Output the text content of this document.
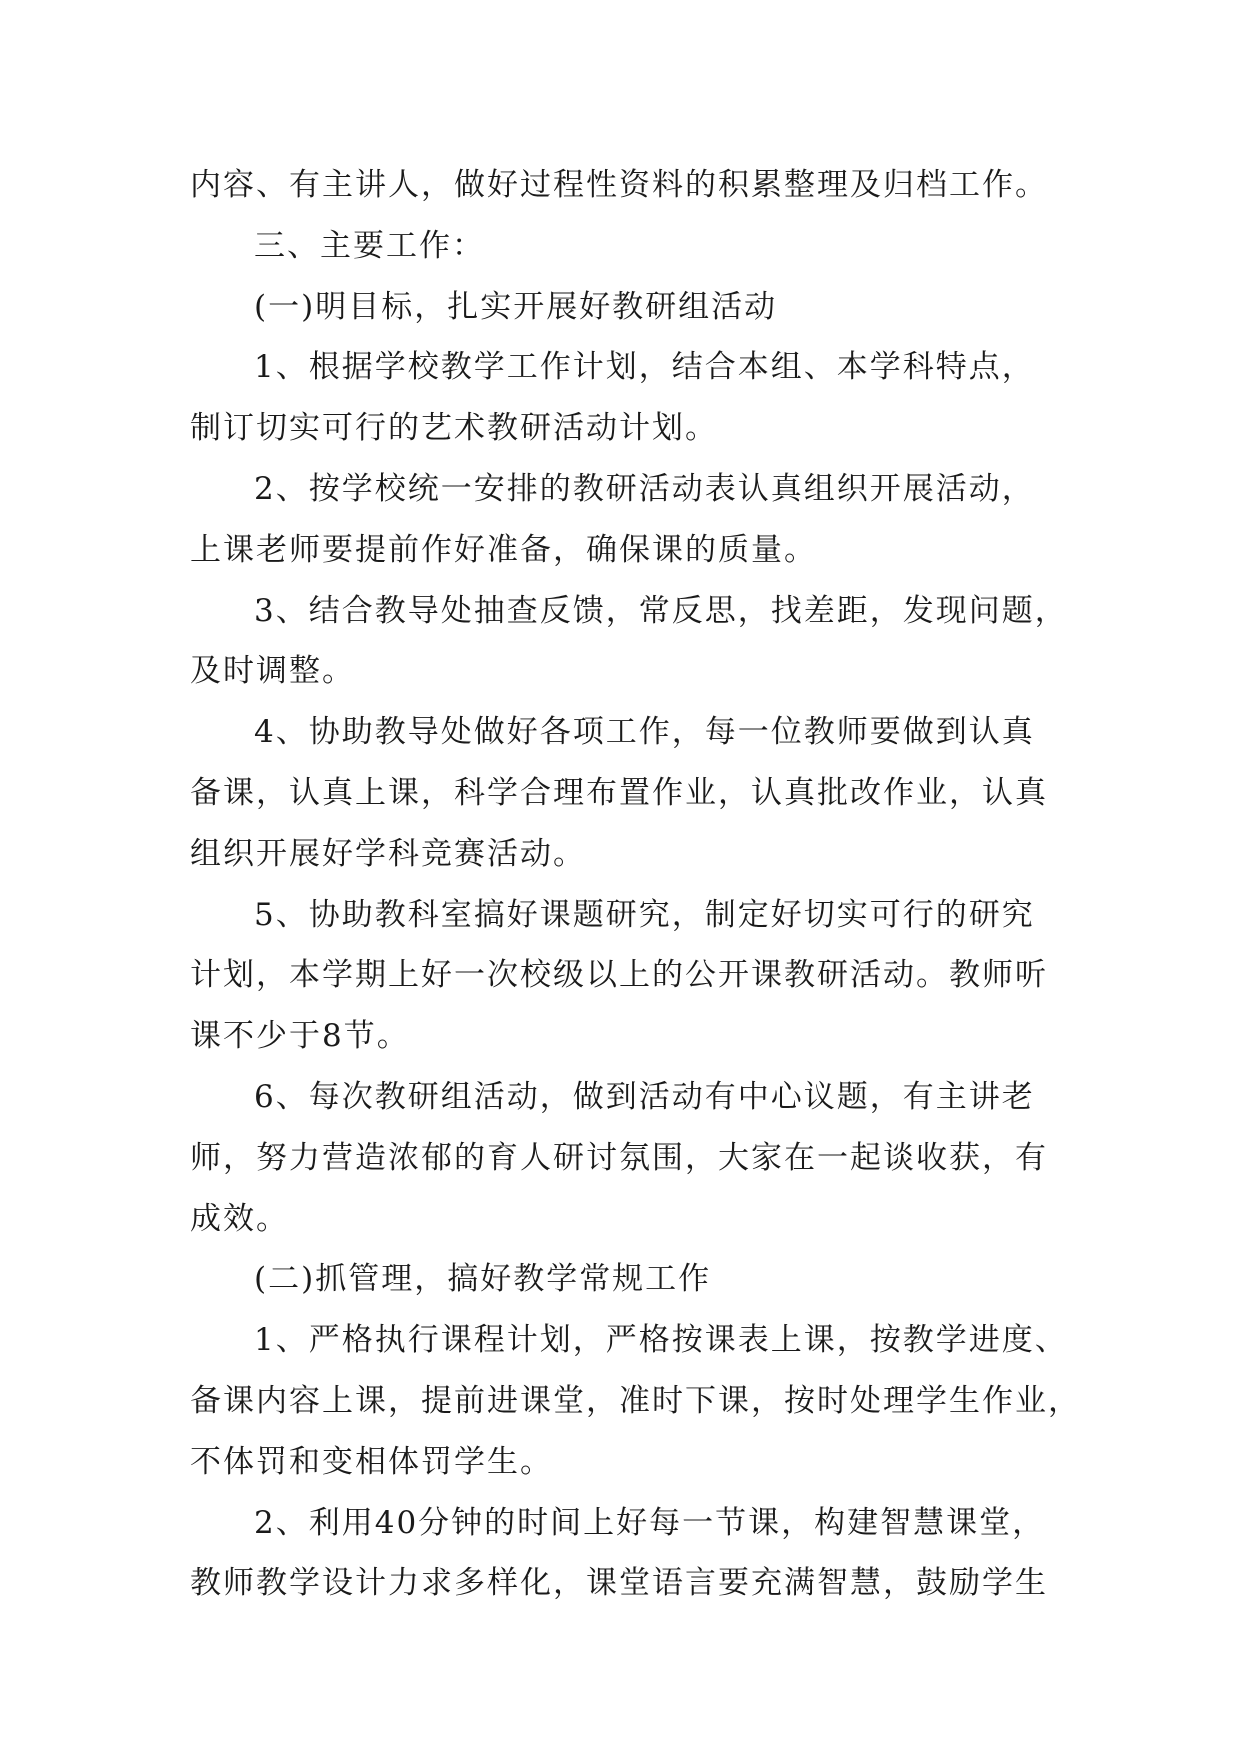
内容、有主讲人，做好过程性资料的积累整理及归档工作。
三、主要工作：
(一)明目标，扎实开展好教研组活动
1、根据学校教学工作计划，结合本组、本学科特点，
制订切实可行的艺术教研活动计划。
2、按学校统一安排的教研活动表认真组织开展活动，
上课老师要提前作好准备，确保课的质量。
3、结合教导处抽查反馈，常反思，找差距，发现问题，
及时调整。
4、协助教导处做好各项工作，每一位教师要做到认真
备课，认真上课，科学合理布置作业，认真批改作业，认真
组织开展好学科竞赛活动。
5、协助教科室搞好课题研究，制定好切实可行的研究
计划，本学期上好一次校级以上的公开课教研活动。教师听
课不少于8节。
6、每次教研组活动，做到活动有中心议题，有主讲老
师，努力营造浓郁的育人研讨氛围，大家在一起谈收获，有
成效。
(二)抓管理，搞好教学常规工作
1、严格执行课程计划，严格按课表上课，按教学进度、
备课内容上课，提前进课堂，准时下课，按时处理学生作业，
不体罚和变相体罚学生。
2、利用40分钟的时间上好每一节课，构建智慧课堂，
教师教学设计力求多样化，课堂语言要充满智慧，鼓励学生
